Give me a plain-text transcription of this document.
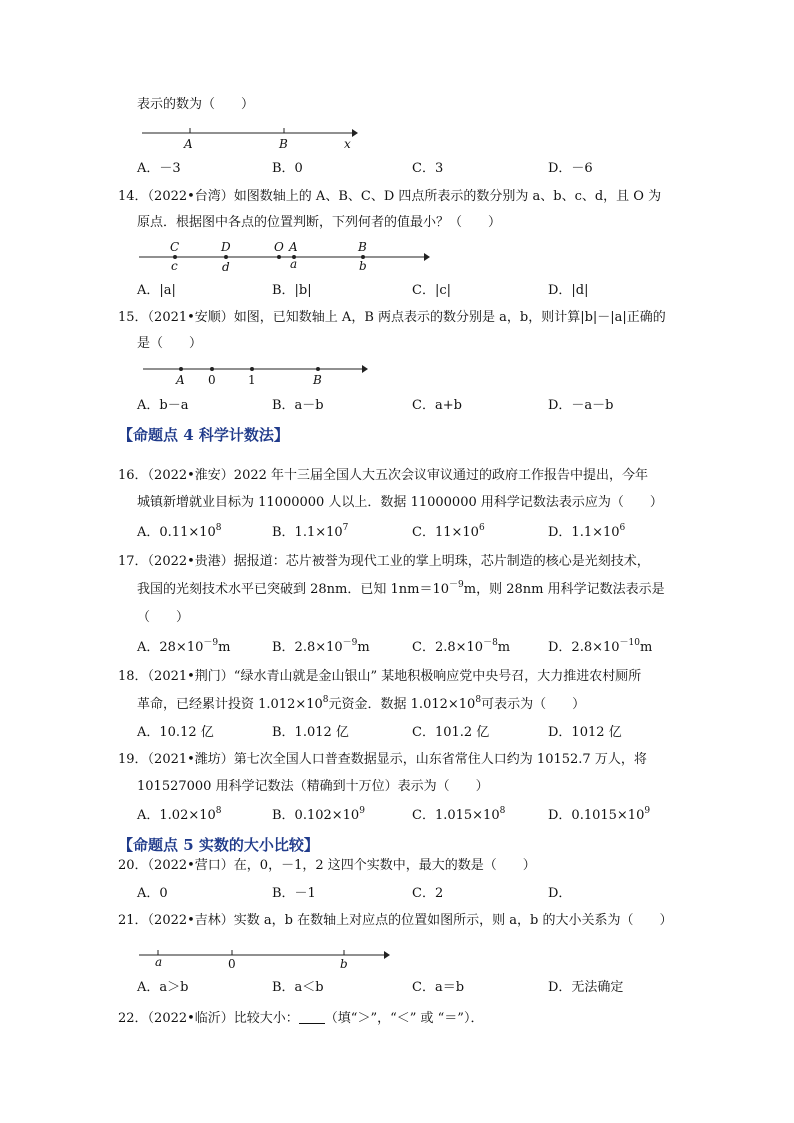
表示的数为（　　）
A	B	x
A．－3	B．0	C．3	D．－6
14．（2022•台湾）如图数轴上的 A、B、C、D 四点所表示的数分别为 a、b、c、d，且 O 为
原点．根据图中各点的位置判断，下列何者的值最小？（　　）
C	D	O A	B
c	d	a	b
A．|a|	B．|b|	C．|c|	D．|d|
15．（2021•安顺）如图，已知数轴上 A，B 两点表示的数分别是 a，b，则计算|b|－|a|正确的
是（　　）
A 0	1	B
A．b－a	B．a－b	C．a+b	D．－a－b
【命题点 4 科学计数法】
16．（2022•淮安）2022 年十三届全国人大五次会议审议通过的政府工作报告中提出，今年
城镇新增就业目标为 11000000 人以上．数据 11000000 用科学记数法表示应为（　　）
A．$0.11\times 10^8$	B．$1.1\times 10^7$	C．$11\times 10^6$	D．$1.1\times 10^6$
17．（2022•贵港）据报道：芯片被誉为现代工业的掌上明珠，芯片制造的核心是光刻技术，
我国的光刻技术水平已突破到 28nm．已知 $1nm=10^{-9}m$，则 28nm 用科学记数法表示是
（　　）
A．$28\times 10^{-9}m$	B．$2.8\times 10^{-9}m$	C．$2.8\times 10^{-8}m$	D．$2.8\times 10^{-10}m$
18．（2021•荆门）“绿水青山就是金山银山” 某地积极响应党中央号召，大力推进农村厕所
革命，已经累计投资 $1.012\times 10^8$元资金．数据 $1.012\times 10^8$可表示为（　　）
A．10.12 亿	B．1.012 亿	C．101.2 亿	D．1012 亿
19．（2021•潍坊）第七次全国人口普查数据显示，山东省常住人口约为 10152.7 万人，将
101527000 用科学记数法（精确到十万位）表示为（　　）
A．$1.02\times 10^8$	B．$0.102\times 10^9$	C．$1.015\times 10^8$	D．$0.1015\times 10^9$
【命题点 5 实数的大小比较】
20．（2022•营口）在，0，－1，2 这四个实数中，最大的数是（　　）
A．0	B．－1	C．2	D．
21．（2022•吉林）实数 a，b 在数轴上对应点的位置如图所示，则 a，b 的大小关系为（　　）
a	0	b
A．a＞b	B．a＜b	C．a＝b	D．无法确定
22．（2022•临沂）比较大小： （填“＞”，“＜” 或 “＝”）．
